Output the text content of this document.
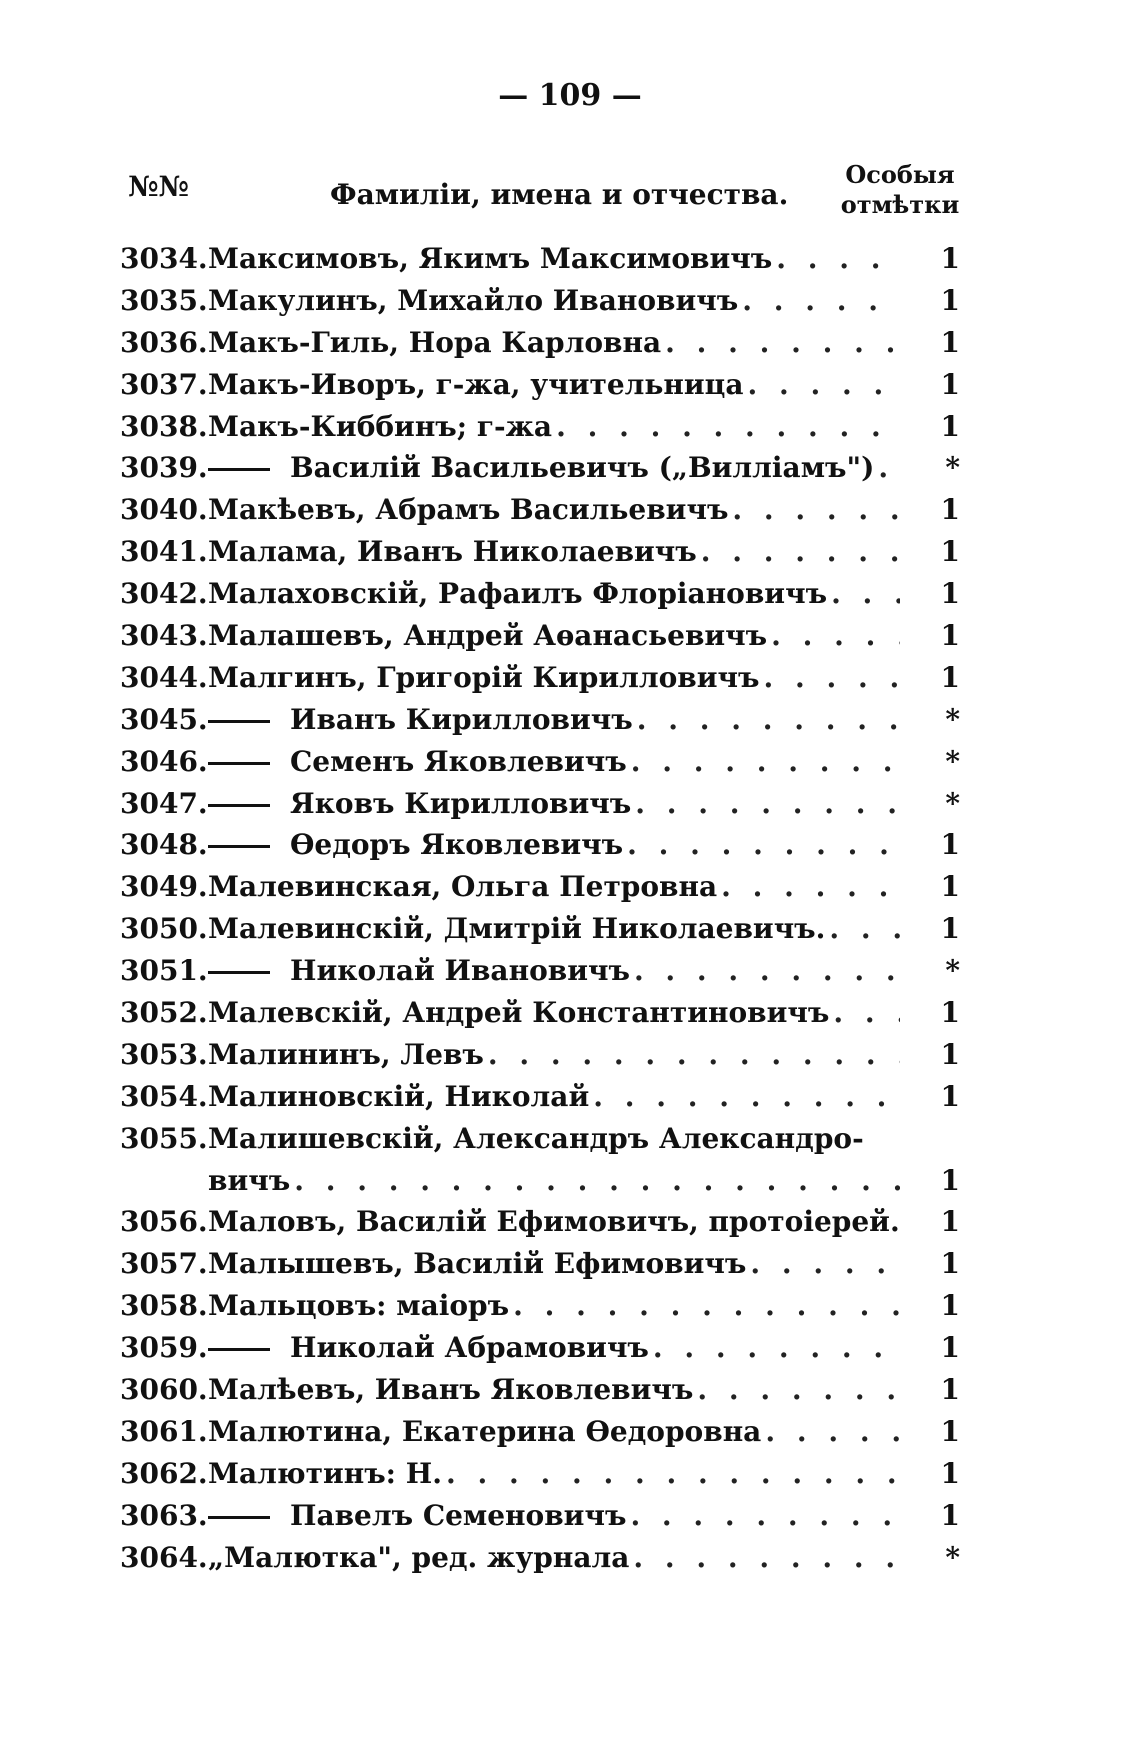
— 109 —
№№	Фамиліи, имена и отчества.
Особыя
отмѣтки
3034. Максимовъ, Якимъ Максимовичъ . . .	1
3035. Макулинъ, Михайло Ивановичъ . . .	1
3036. Макъ-Гиль, Нора Карловна . . .	1
3037. Макъ-Иворъ, г-жа, учительница . . .	1
3038. Макъ-Киббинъ; г-жа . . .	1
3039.	Василій Васильевичъ („Вилліамъ") . . .	*
3040. Макѣевъ, Абрамъ Васильевичъ . . .	1
3041. Малама, Иванъ Николаевичъ . . .	1
3042. Малаховскій, Рафаилъ Флоріановичъ . . .	1
3043. Малашевъ, Андрей Аѳанасьевичъ . . .	1
3044. Малгинъ, Григорій Кирилловичъ . . .	1
3045.	Иванъ Кирилловичъ . . .	*
3046.	Семенъ Яковлевичъ . . .	*
3047.	Яковъ Кирилловичъ . . .	*
3048.	Ѳедоръ Яковлевичъ . . .	1
3049. Малевинская, Ольга Петровна . . .	1
3050. Малевинскій, Дмитрій Николаевичъ. . . .	1
3051.	Николай Ивановичъ . . .	*
3052. Малевскій, Андрей Константиновичъ . . .	1
3053. Малининъ, Левъ . . .	1
3054. Малиновскій, Николай . . .	1
3055. Малишевскій, Александръ Александро-
вичъ . . .	1
3056. Маловъ, Василій Ефимовичъ, протоіерей.	1
3057. Малышевъ, Василій Ефимовичъ . . .	1
3058. Мальцовъ: маіоръ . . .	1
3059.	Николай Абрамовичъ . . .	1
3060. Малѣевъ, Иванъ Яковлевичъ . . .	1
3061. Малютина, Екатерина Ѳедоровна . . .	1
3062. Малютинъ: Н. . . .	1
3063.	Павелъ Семеновичъ . . .	1
3064. „Малютка", ред. журнала . . .	*
